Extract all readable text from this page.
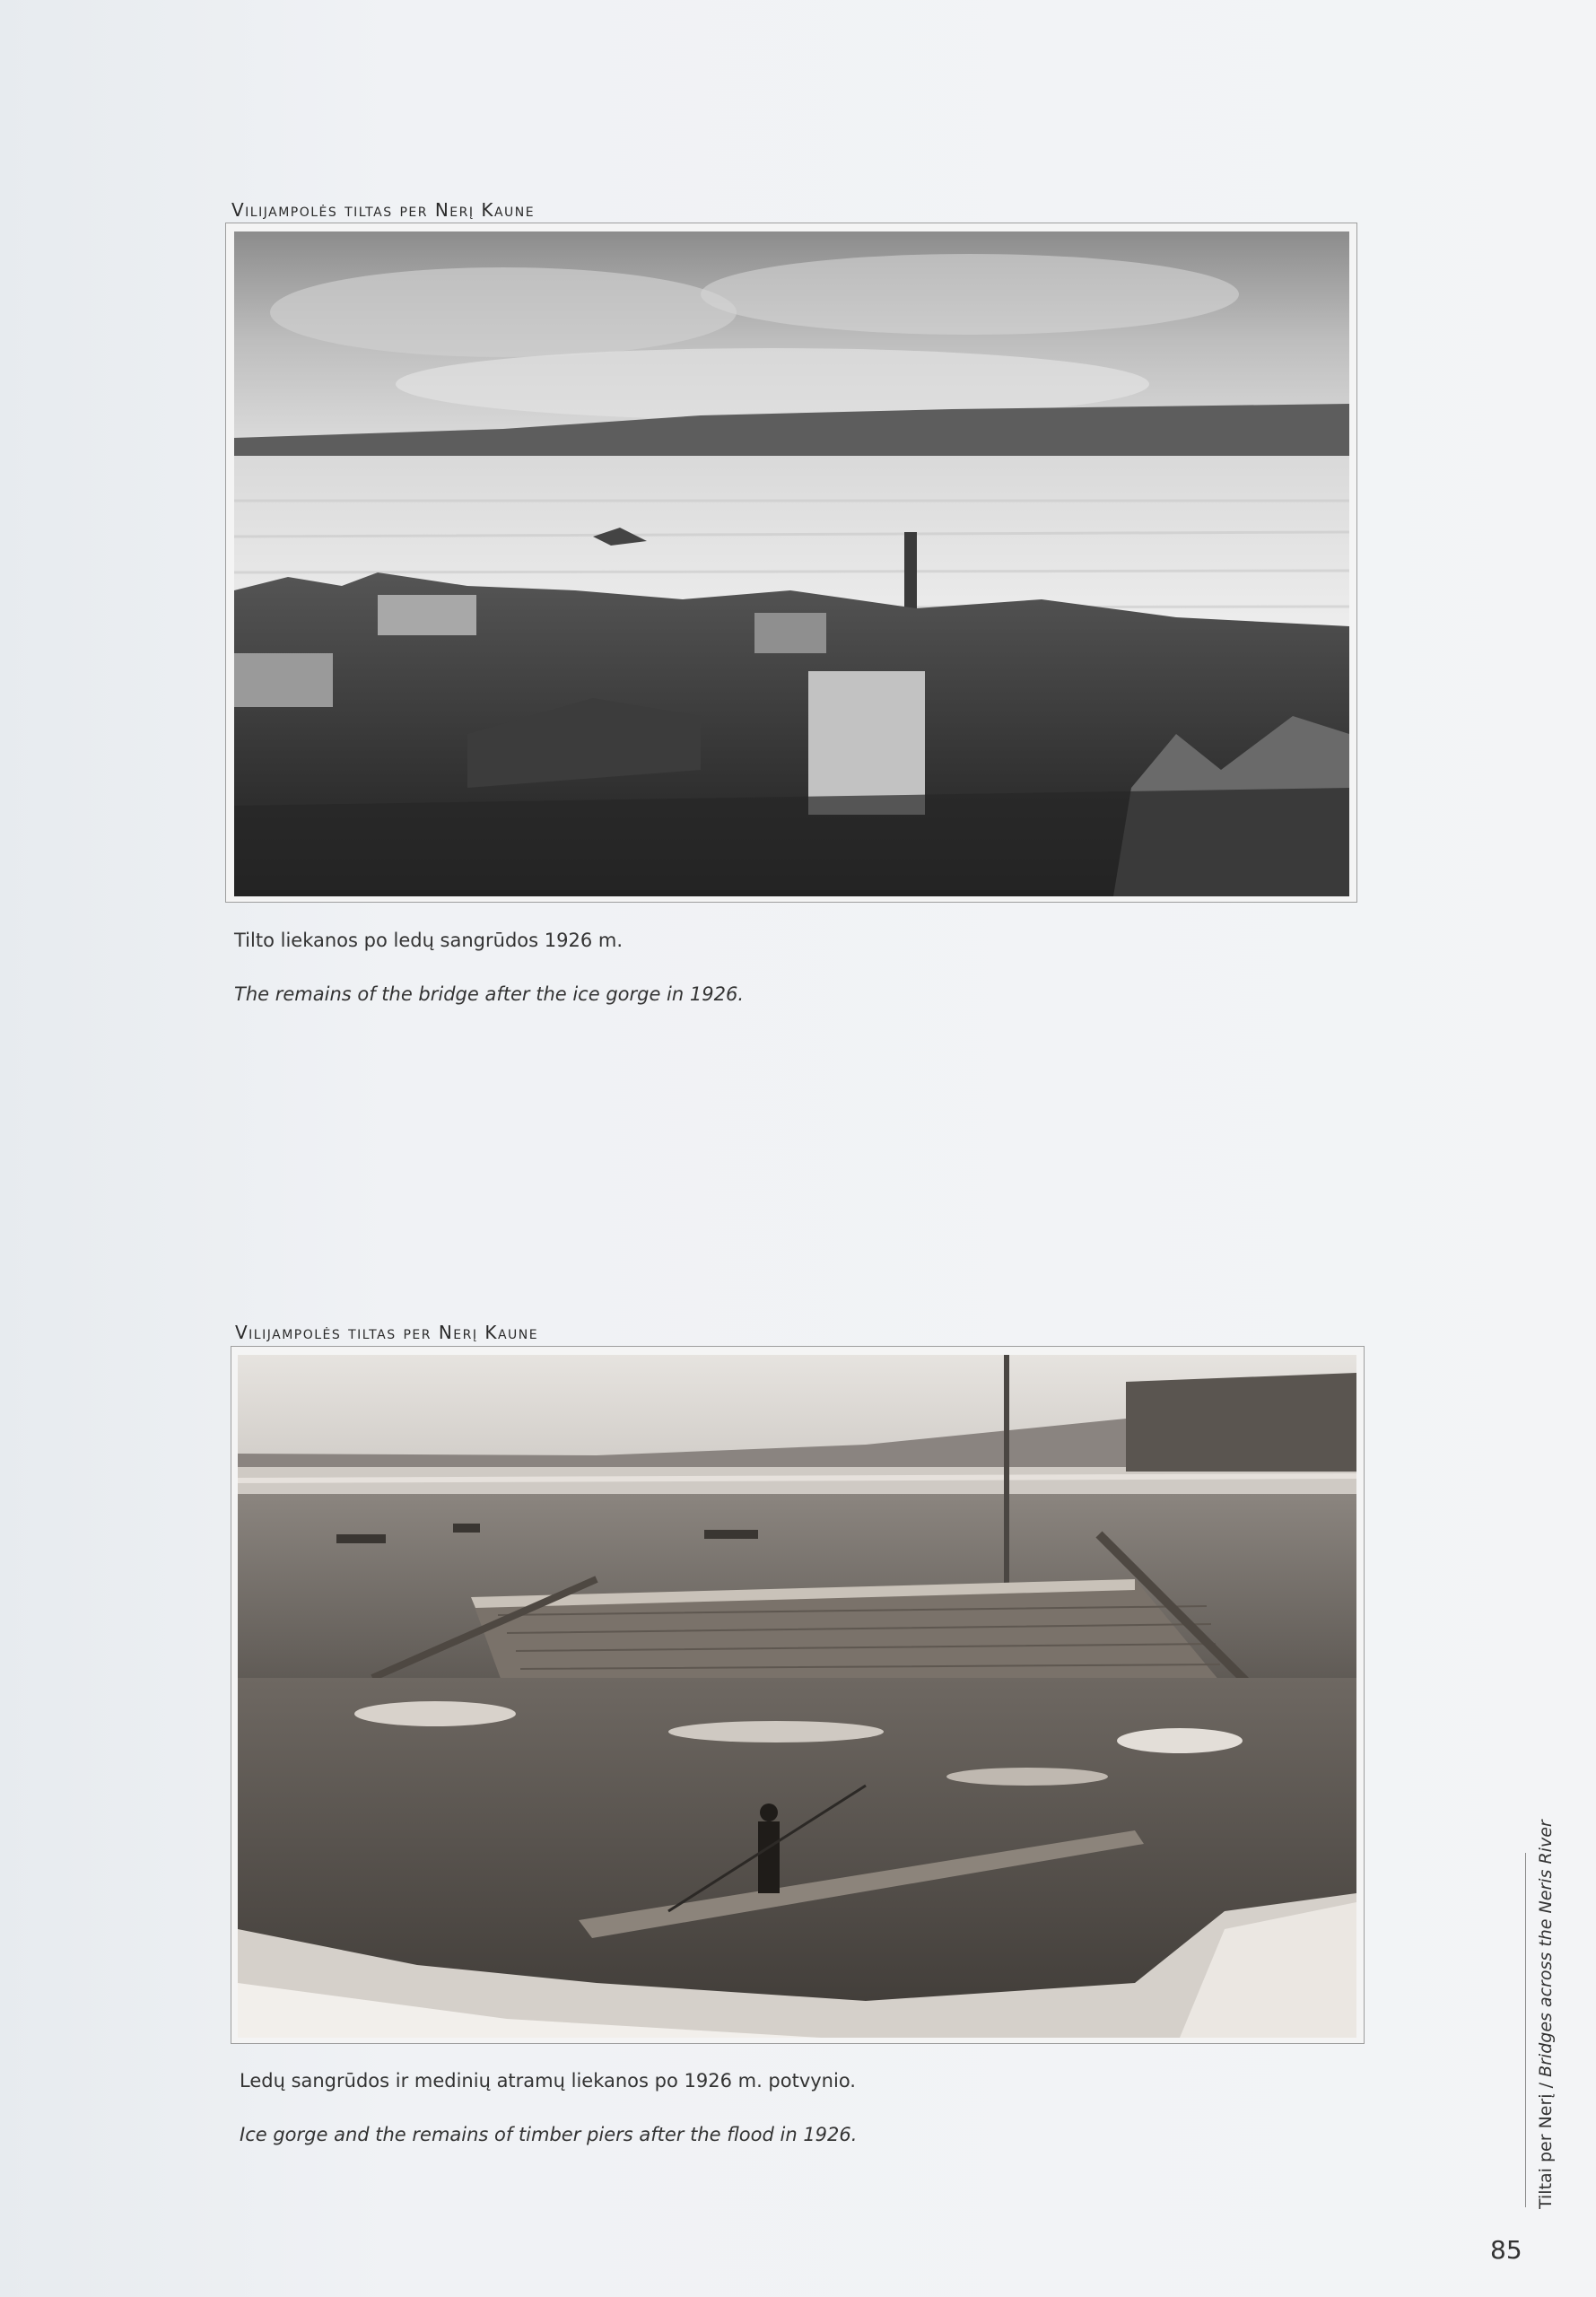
Vilijampolės tiltas per Nerį Kaune
Tilto liekanos po ledų sangrūdos 1926 m.
The remains of the bridge after the ice gorge in 1926.
Vilijampolės tiltas per Nerį Kaune
Ledų sangrūdos ir medinių atramų liekanos po 1926 m. potvynio.
Ice gorge and the remains of timber piers after the flood in 1926.	Tiltai per Nerį / Bridges across the Neris River
85
